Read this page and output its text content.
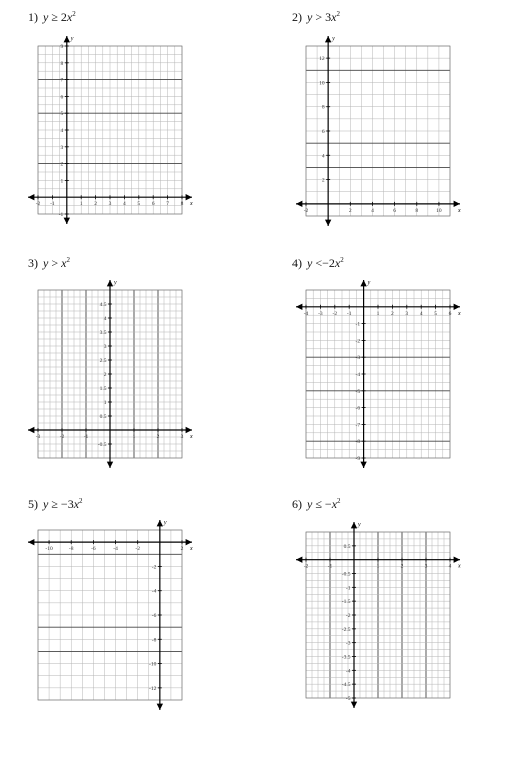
1) $y \ge 2x^2$
-2 -1	1 2 3 4 5 6 7 8
-1
1
2
3
4
5
6
7
8
9
x
y
2) $y > 3x^2$
-2	2	4	6	8	10
2
4
6
8
10
12
x
y
3) $y > x^2$
-3	-2	-1	1	2	3
-0.5
0.5
1
1.5
2
2.5
3
3.5
4
4.5
x
y
4) $y <-2x^2$
-4 -3 -2 -1	1 2 3 4 5 6
-1
-2
-3
-4
-5
-6
-7
-8
-9
x
y
5) $y \ge -3x^2$
-10	-8	-6	-4	-2	2
-2
-4
-6
-8
-10
-12
x
y
6) $y \le -x^2$
-2	-1	1	2	3	4
0.5
-0.5
-1
-1.5
-2
-2.5
-3
-3.5
-4
-4.5
-5
x
y
